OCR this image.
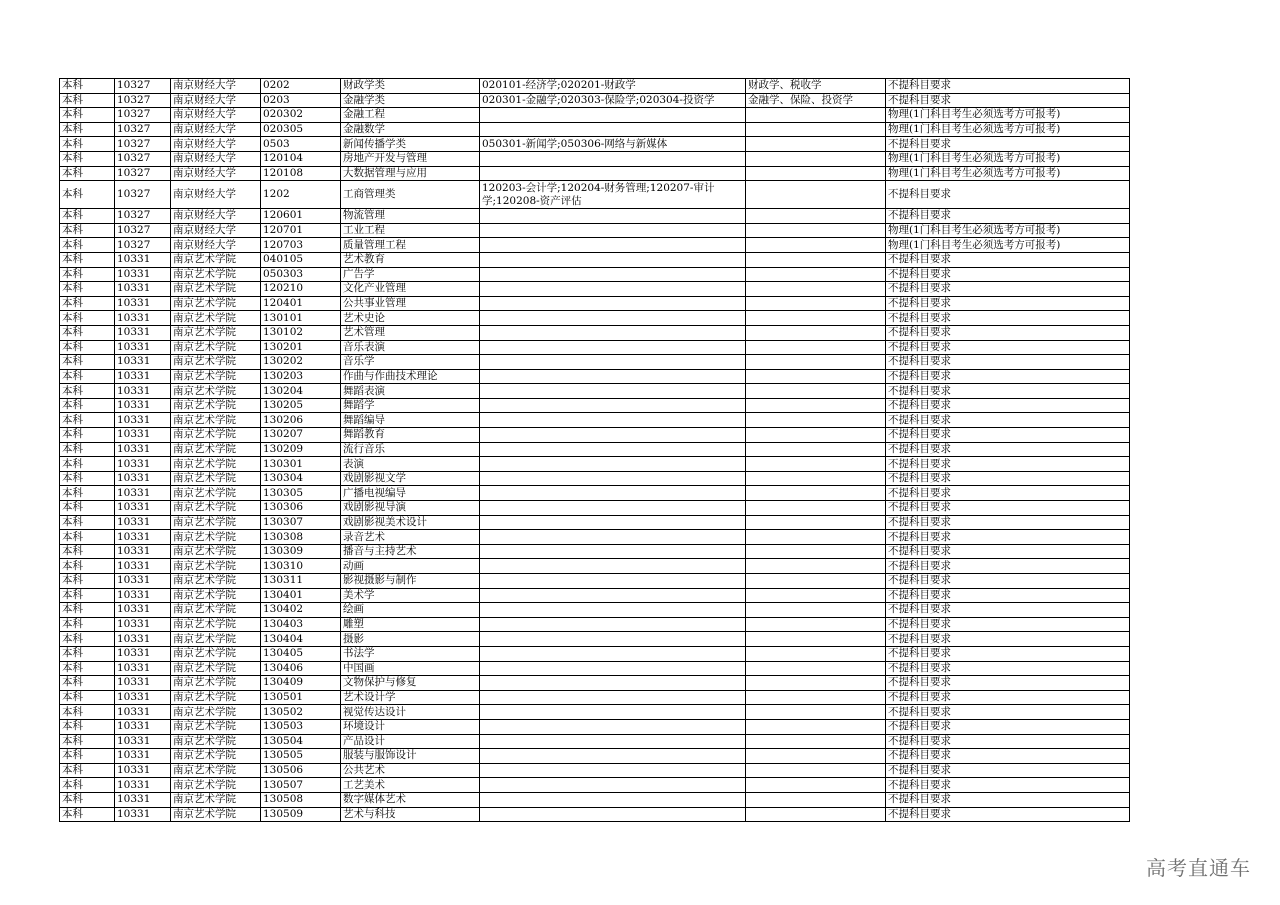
本科	10327	南京财经大学	0202	财政学类	020101-经济学;020201-财政学	财政学、税收学	不提科目要求
本科	10327	南京财经大学	0203	金融学类	020301-金融学;020303-保险学;020304-投资学	金融学、保险、投资学	不提科目要求
本科	10327	南京财经大学	020302	金融工程			物理(1门科目考生必须选考方可报考)
本科	10327	南京财经大学	020305	金融数学			物理(1门科目考生必须选考方可报考)
本科	10327	南京财经大学	0503	新闻传播学类	050301-新闻学;050306-网络与新媒体		不提科目要求
本科	10327	南京财经大学	120104	房地产开发与管理			物理(1门科目考生必须选考方可报考)
本科	10327	南京财经大学	120108	大数据管理与应用			物理(1门科目考生必须选考方可报考)
本科	10327	南京财经大学	1202	工商管理类	120203-会计学;120204-财务管理;120207-审计学;120208-资产评估		不提科目要求
本科	10327	南京财经大学	120601	物流管理			不提科目要求
本科	10327	南京财经大学	120701	工业工程			物理(1门科目考生必须选考方可报考)
本科	10327	南京财经大学	120703	质量管理工程			物理(1门科目考生必须选考方可报考)
本科	10331	南京艺术学院	040105	艺术教育			不提科目要求
本科	10331	南京艺术学院	050303	广告学			不提科目要求
本科	10331	南京艺术学院	120210	文化产业管理			不提科目要求
本科	10331	南京艺术学院	120401	公共事业管理			不提科目要求
本科	10331	南京艺术学院	130101	艺术史论			不提科目要求
本科	10331	南京艺术学院	130102	艺术管理			不提科目要求
本科	10331	南京艺术学院	130201	音乐表演			不提科目要求
本科	10331	南京艺术学院	130202	音乐学			不提科目要求
本科	10331	南京艺术学院	130203	作曲与作曲技术理论			不提科目要求
本科	10331	南京艺术学院	130204	舞蹈表演			不提科目要求
本科	10331	南京艺术学院	130205	舞蹈学			不提科目要求
本科	10331	南京艺术学院	130206	舞蹈编导			不提科目要求
本科	10331	南京艺术学院	130207	舞蹈教育			不提科目要求
本科	10331	南京艺术学院	130209	流行音乐			不提科目要求
本科	10331	南京艺术学院	130301	表演			不提科目要求
本科	10331	南京艺术学院	130304	戏剧影视文学			不提科目要求
本科	10331	南京艺术学院	130305	广播电视编导			不提科目要求
本科	10331	南京艺术学院	130306	戏剧影视导演			不提科目要求
本科	10331	南京艺术学院	130307	戏剧影视美术设计			不提科目要求
本科	10331	南京艺术学院	130308	录音艺术			不提科目要求
本科	10331	南京艺术学院	130309	播音与主持艺术			不提科目要求
本科	10331	南京艺术学院	130310	动画			不提科目要求
本科	10331	南京艺术学院	130311	影视摄影与制作			不提科目要求
本科	10331	南京艺术学院	130401	美术学			不提科目要求
本科	10331	南京艺术学院	130402	绘画			不提科目要求
本科	10331	南京艺术学院	130403	雕塑			不提科目要求
本科	10331	南京艺术学院	130404	摄影			不提科目要求
本科	10331	南京艺术学院	130405	书法学			不提科目要求
本科	10331	南京艺术学院	130406	中国画			不提科目要求
本科	10331	南京艺术学院	130409	文物保护与修复			不提科目要求
本科	10331	南京艺术学院	130501	艺术设计学			不提科目要求
本科	10331	南京艺术学院	130502	视觉传达设计			不提科目要求
本科	10331	南京艺术学院	130503	环境设计			不提科目要求
本科	10331	南京艺术学院	130504	产品设计			不提科目要求
本科	10331	南京艺术学院	130505	服装与服饰设计			不提科目要求
本科	10331	南京艺术学院	130506	公共艺术			不提科目要求
本科	10331	南京艺术学院	130507	工艺美术			不提科目要求
本科	10331	南京艺术学院	130508	数字媒体艺术			不提科目要求
本科	10331	南京艺术学院	130509	艺术与科技			不提科目要求
高考直通车
